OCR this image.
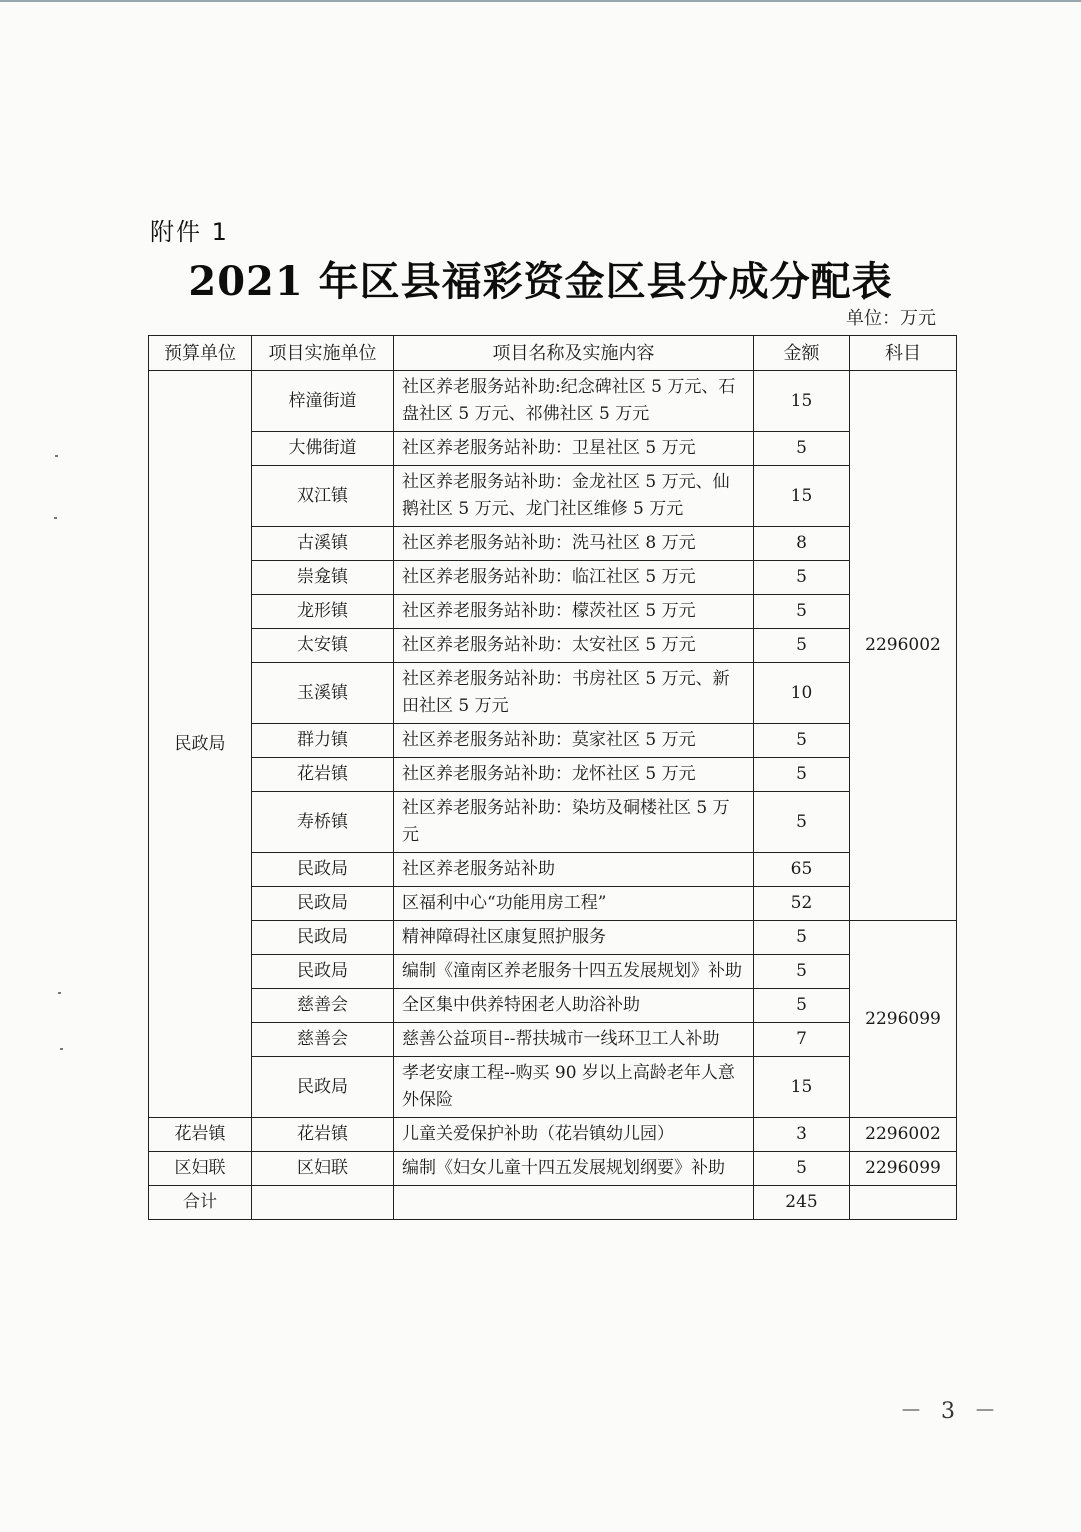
附件 1
2021 年区县福彩资金区县分成分配表
单位：万元
预算单位	项目实施单位	项目名称及实施内容	金额	科目
民政局	梓潼街道	社区养老服务站补助:纪念碑社区 5 万元、石盘社区 5 万元、祁佛社区 5 万元	15	2296002
	大佛街道	社区养老服务站补助：卫星社区 5 万元	5	
	双江镇	社区养老服务站补助：金龙社区 5 万元、仙鹅社区 5 万元、龙门社区维修 5 万元	15	
	古溪镇	社区养老服务站补助：洗马社区 8 万元	8	
	崇龛镇	社区养老服务站补助：临江社区 5 万元	5	
	龙形镇	社区养老服务站补助：檬茨社区 5 万元	5	
	太安镇	社区养老服务站补助：太安社区 5 万元	5	
	玉溪镇	社区养老服务站补助：书房社区 5 万元、新田社区 5 万元	10	
	群力镇	社区养老服务站补助：莫家社区 5 万元	5	
	花岩镇	社区养老服务站补助：龙怀社区 5 万元	5	
	寿桥镇	社区养老服务站补助：染坊及硐楼社区 5 万元	5	
	民政局	社区养老服务站补助	65	
	民政局	区福利中心“功能用房工程”	52	
	民政局	精神障碍社区康复照护服务	5	2296099
	民政局	编制《潼南区养老服务十四五发展规划》补助	5	
	慈善会	全区集中供养特困老人助浴补助	5	
	慈善会	慈善公益项目--帮扶城市一线环卫工人补助	7	
	民政局	孝老安康工程--购买 90 岁以上高龄老年人意外保险	15	
花岩镇	花岩镇	儿童关爱保护补助（花岩镇幼儿园）	3	2296002
区妇联	区妇联	编制《妇女儿童十四五发展规划纲要》补助	5	2296099
合计			245	
－ 3 －
